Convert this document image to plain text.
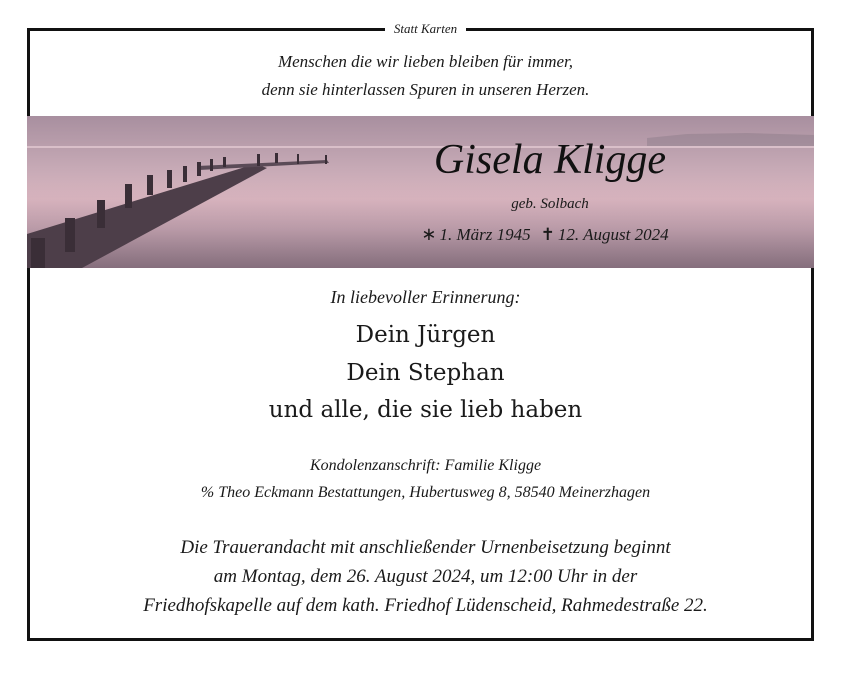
Statt Karten
Menschen die wir lieben bleiben für immer,
denn sie hinterlassen Spuren in unseren Herzen.
Gisela Kligge
geb. Solbach
∗ 1. März 1945 ✝ 12. August 2024
In liebevoller Erinnerung:
Dein Jürgen
Dein Stephan
und alle, die sie lieb haben
Kondolenzanschrift: Familie Kligge
% Theo Eckmann Bestattungen, Hubertusweg 8, 58540 Meinerzhagen
Die Trauerandacht mit anschließender Urnenbeisetzung beginnt
am Montag, dem 26. August 2024, um 12:00 Uhr in der
Friedhofskapelle auf dem kath. Friedhof Lüdenscheid, Rahmedestraße 22.
